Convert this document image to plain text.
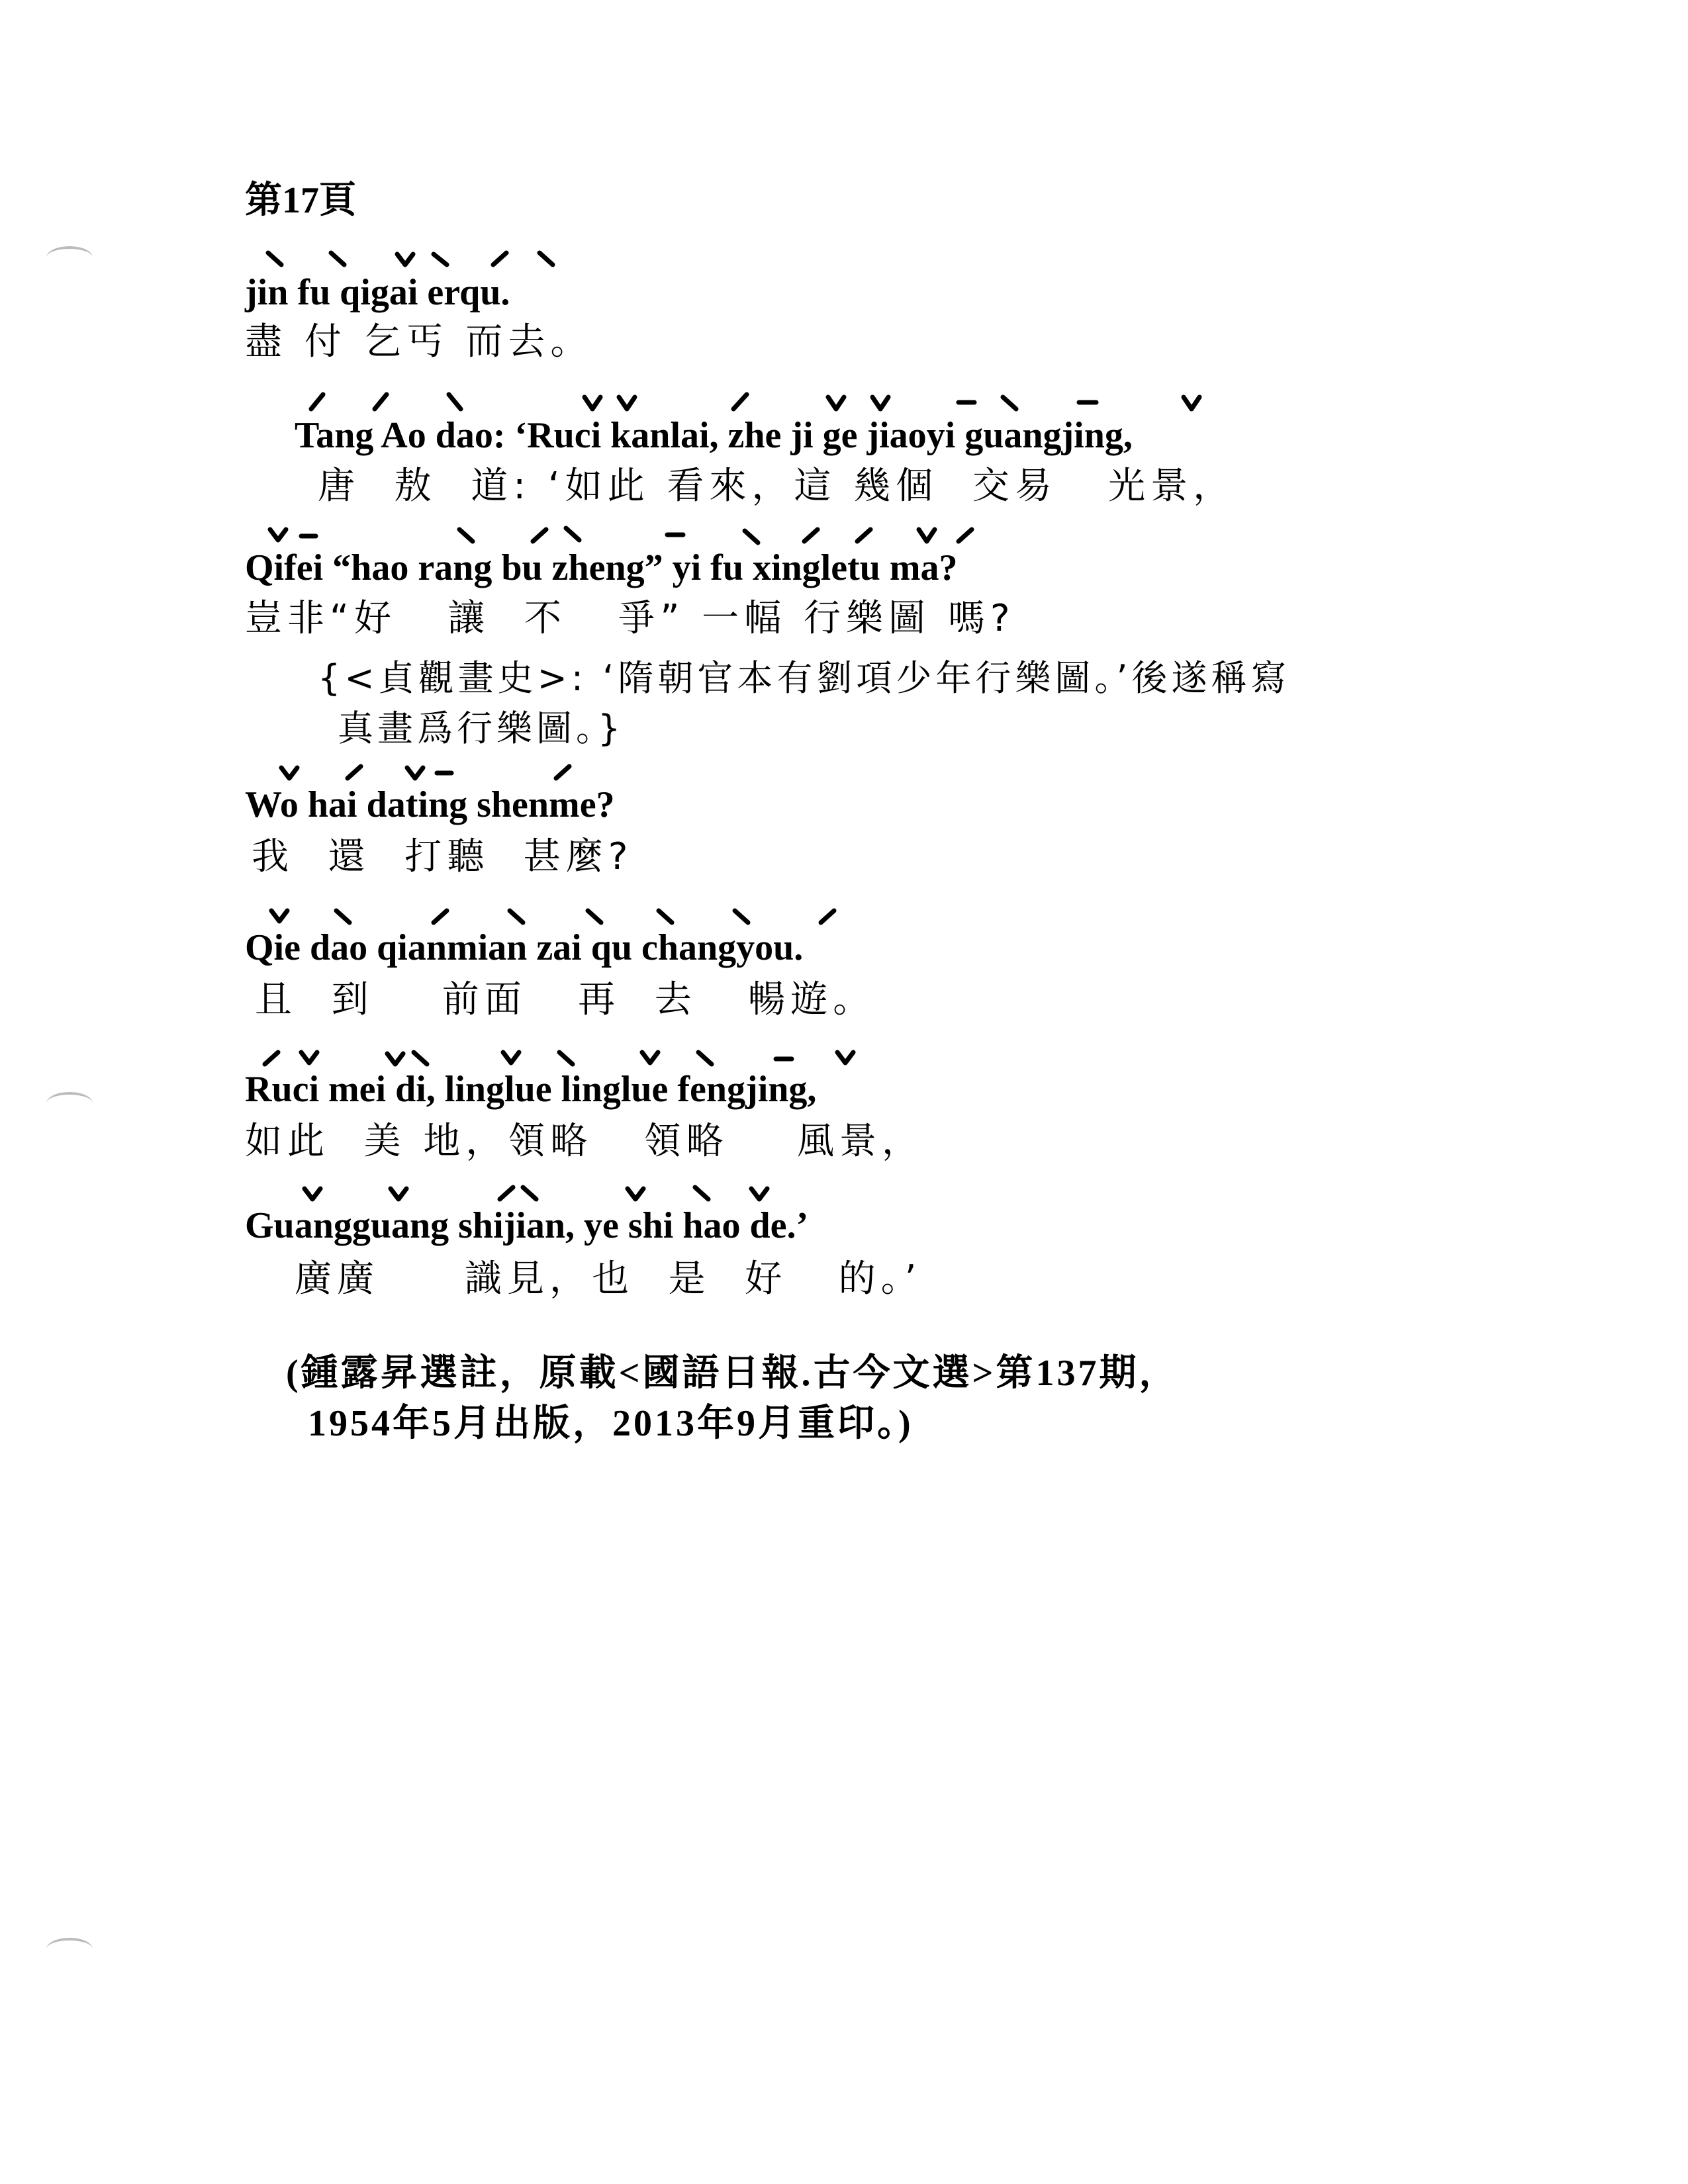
第17頁
jin fu qigai erqu.
盡 付 乞丐 而去。
Tang Ao dao: ‘Ruci kanlai, zhe ji ge jiaoyi guangjing,
唐  敖  道: ‘如此 看來，這 幾個  交易   光景，
Qifei “hao rang bu zheng” yi fu xingletu ma?
豈非“好   讓  不   爭” 一幅 行樂圖 嗎?
{<貞觀畫史>: ‘隋朝官本有劉項少年行樂圖。’後遂稱寫
真畫爲行樂圖。}
Wo hai dating shenme?
我  還  打聽  甚麼?
Qie dao qianmian zai qu changyou.
且  到    前面   再  去   暢遊。
Ruci mei di, linglue linglue fengjing,
如此  美 地，領略   領略    風景，
Guangguang shijian, ye shi hao de.’
廣廣     識見，也  是  好   的。’
(鍾露昇選註，原載<國語日報.古今文選>第137期，
1954年5月出版，2013年9月重印。)
